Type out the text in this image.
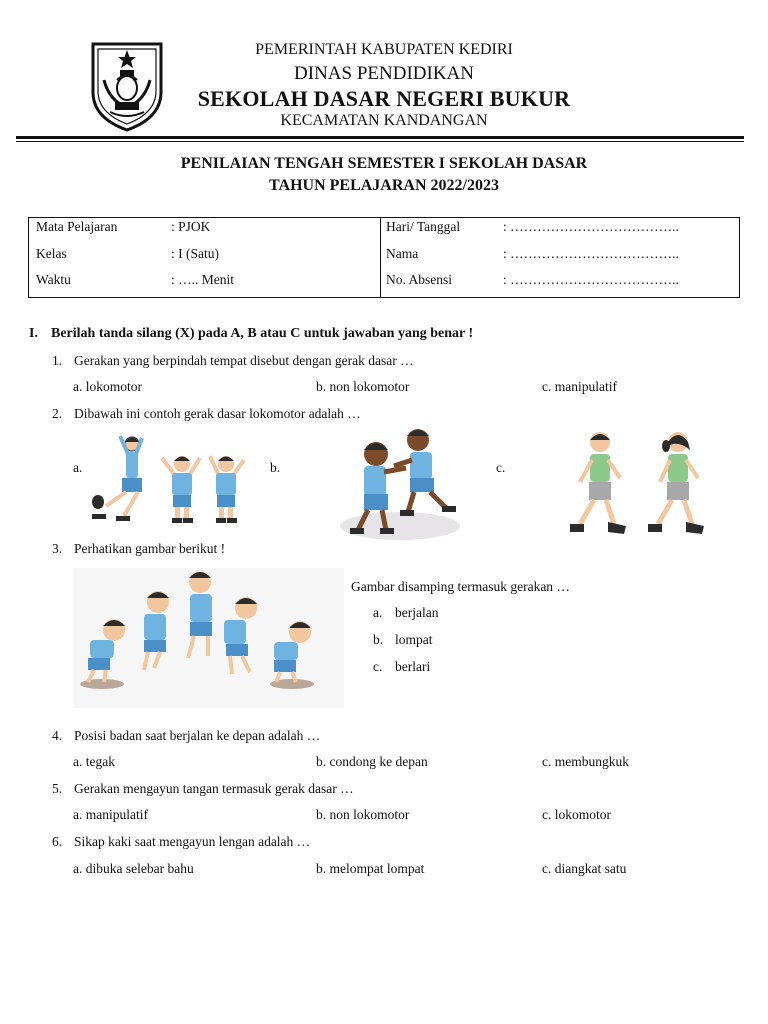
PEMERINTAH KABUPATEN KEDIRI
DINAS PENDIDIKAN
SEKOLAH DASAR NEGERI BUKUR
KECAMATAN KANDANGAN
PENILAIAN TENGAH SEMESTER I SEKOLAH DASAR
TAHUN PELAJARAN 2022/2023
Mata Pelajaran	: PJOK
Kelas	: I (Satu)
Waktu	: ….. Menit
Hari/ Tanggal	: ………………………………..
Nama	: ………………………………..
No. Absensi	: ………………………………..
I. Berilah tanda silang (X) pada A, B atau C untuk jawaban yang benar !
1. Gerakan yang berpindah tempat disebut dengan gerak dasar …
a. lokomotor	b. non lokomotor	c. manipulatif
2. Dibawah ini contoh gerak dasar lokomotor adalah …
a.	b.	c.
3. Perhatikan gambar berikut !
Gambar disamping termasuk gerakan …
a. berjalan
b. lompat
c. berlari
4. Posisi badan saat berjalan ke depan adalah …
a. tegak	b. condong ke depan	c. membungkuk
5. Gerakan mengayun tangan termasuk gerak dasar …
a. manipulatif	b. non lokomotor	c. lokomotor
6. Sikap kaki saat mengayun lengan adalah …
a. dibuka selebar bahu	b. melompat lompat	c. diangkat satu
